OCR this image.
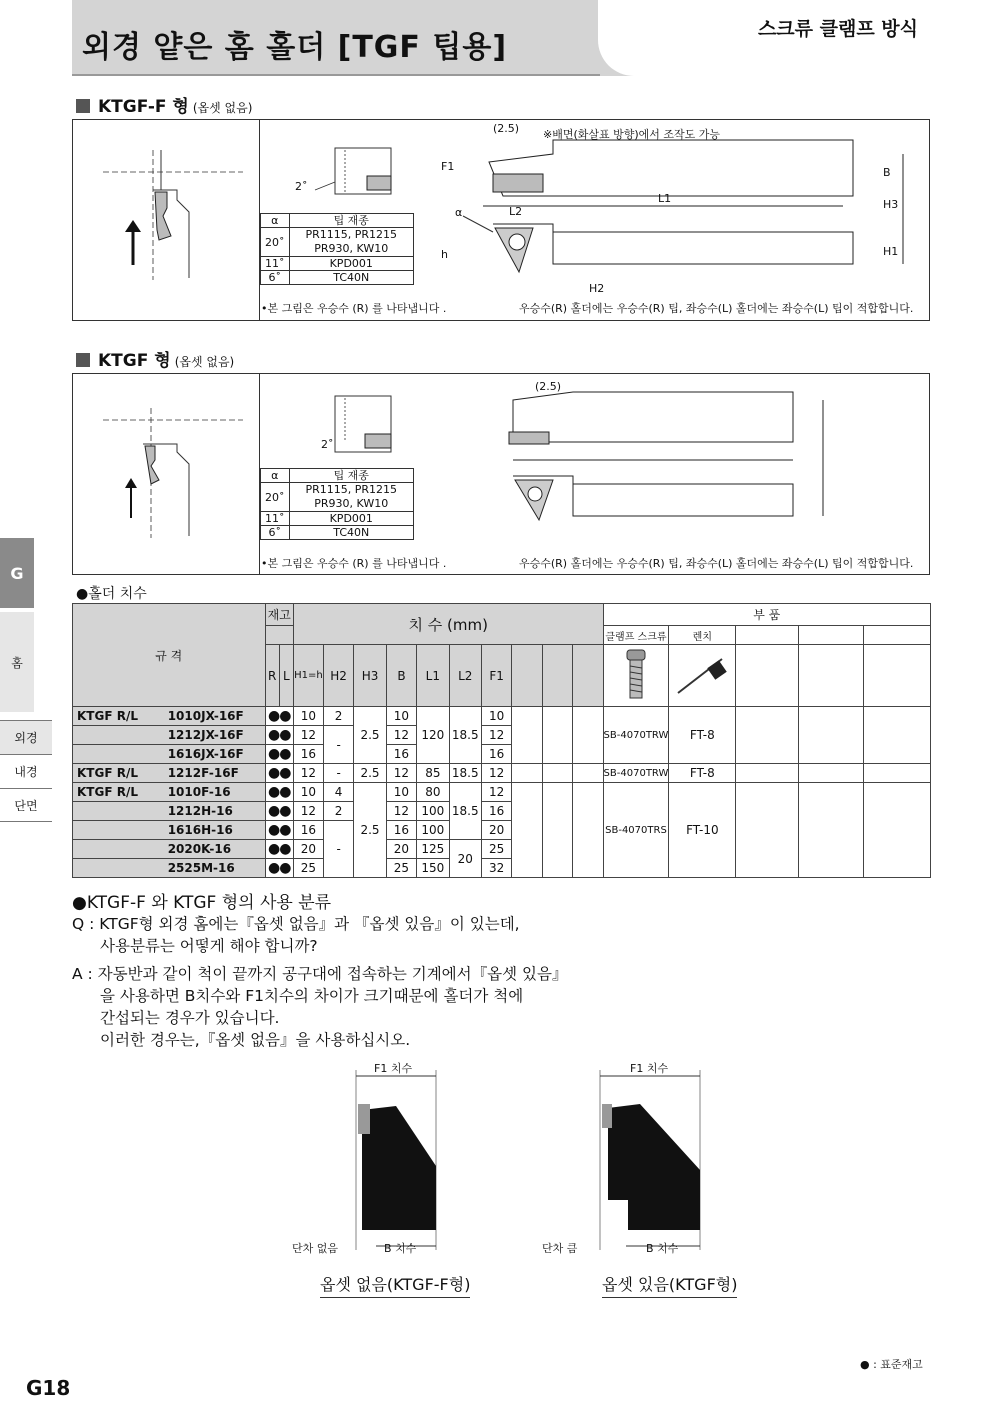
스크류 클램프 방식
외경 얕은 홈 홀더 [TGF 팁용]
G
홈
외경
내경
단면
KTGF-F 형 (옵셋 없음)
2˚
α	팁 재종
20˚	PR1115, PR1215 PR930, KW10
11˚	KPD001
6˚	TC40N
•본 그림은 우승수 (R) 를 나타냅니다 .
(2.5) ※배면(화살표 방향)에서 조작도 가능
F1
L1
L2
h	H1
H2
H3
B
α
우승수(R) 홀더에는 우승수(R) 팁, 좌승수(L) 홀더에는 좌승수(L) 팁이 적합합니다.
KTGF 형 (옵셋 없음)
2˚
α	팁 재종
20˚	PR1115, PR1215 PR930, KW10
11˚	KPD001
6˚	TC40N
•본 그림은 우승수 (R) 를 나타냅니다 .
(2.5)
우승수(R) 홀더에는 우승수(R) 팁, 좌승수(L) 홀더에는 좌승수(L) 팁이 적합합니다.
●홀더 치수
규 격		재고		치 수 (mm)										부 품				
														클램프 스크류	렌치			
		R	L	H1=h	H2	H3	B	L1	L2	F1								
KTGF R/L	1010JX-16F	●●		10	2	2.5	10	120	18.5	10				SB-4070TRW	FT-8			
	1212JX-16F	●●		12	-		12			12								
	1616JX-16F	●●		16			16			16								
KTGF R/L	1212F-16F	●●		12	-	2.5	12	85	18.5	12				SB-4070TRW	FT-8			
KTGF R/L	1010F-16	●●		10	4	2.5	10	80	18.5	12				SB-4070TRS	FT-10			
	1212H-16	●●		12	2		12	100		16								
	1616H-16	●●		16	-		16	100		20								
	2020K-16	●●		20			20	125	20	25								
	2525M-16	●●		25			25	150		32								
●KTGF-F 와 KTGF 형의 사용 분류
Q : KTGF형 외경 홈에는『옵셋 없음』과 『옵셋 있음』이 있는데,
사용분류는 어떻게 해야 합니까?
A : 자동반과 같이 척이 끝까지 공구대에 접속하는 기계에서『옵셋 있음』
을 사용하면 B치수와 F1치수의 차이가 크기때문에 홀더가 척에
간섭되는 경우가 있습니다.
이러한 경우는,『옵셋 없음』을 사용하십시오.
F1 치수
단차 없음	B 치수
옵셋 없음(KTGF-F형)
F1 치수
단차 큼	B 치수
옵셋 있음(KTGF형)
● : 표준재고
G18
